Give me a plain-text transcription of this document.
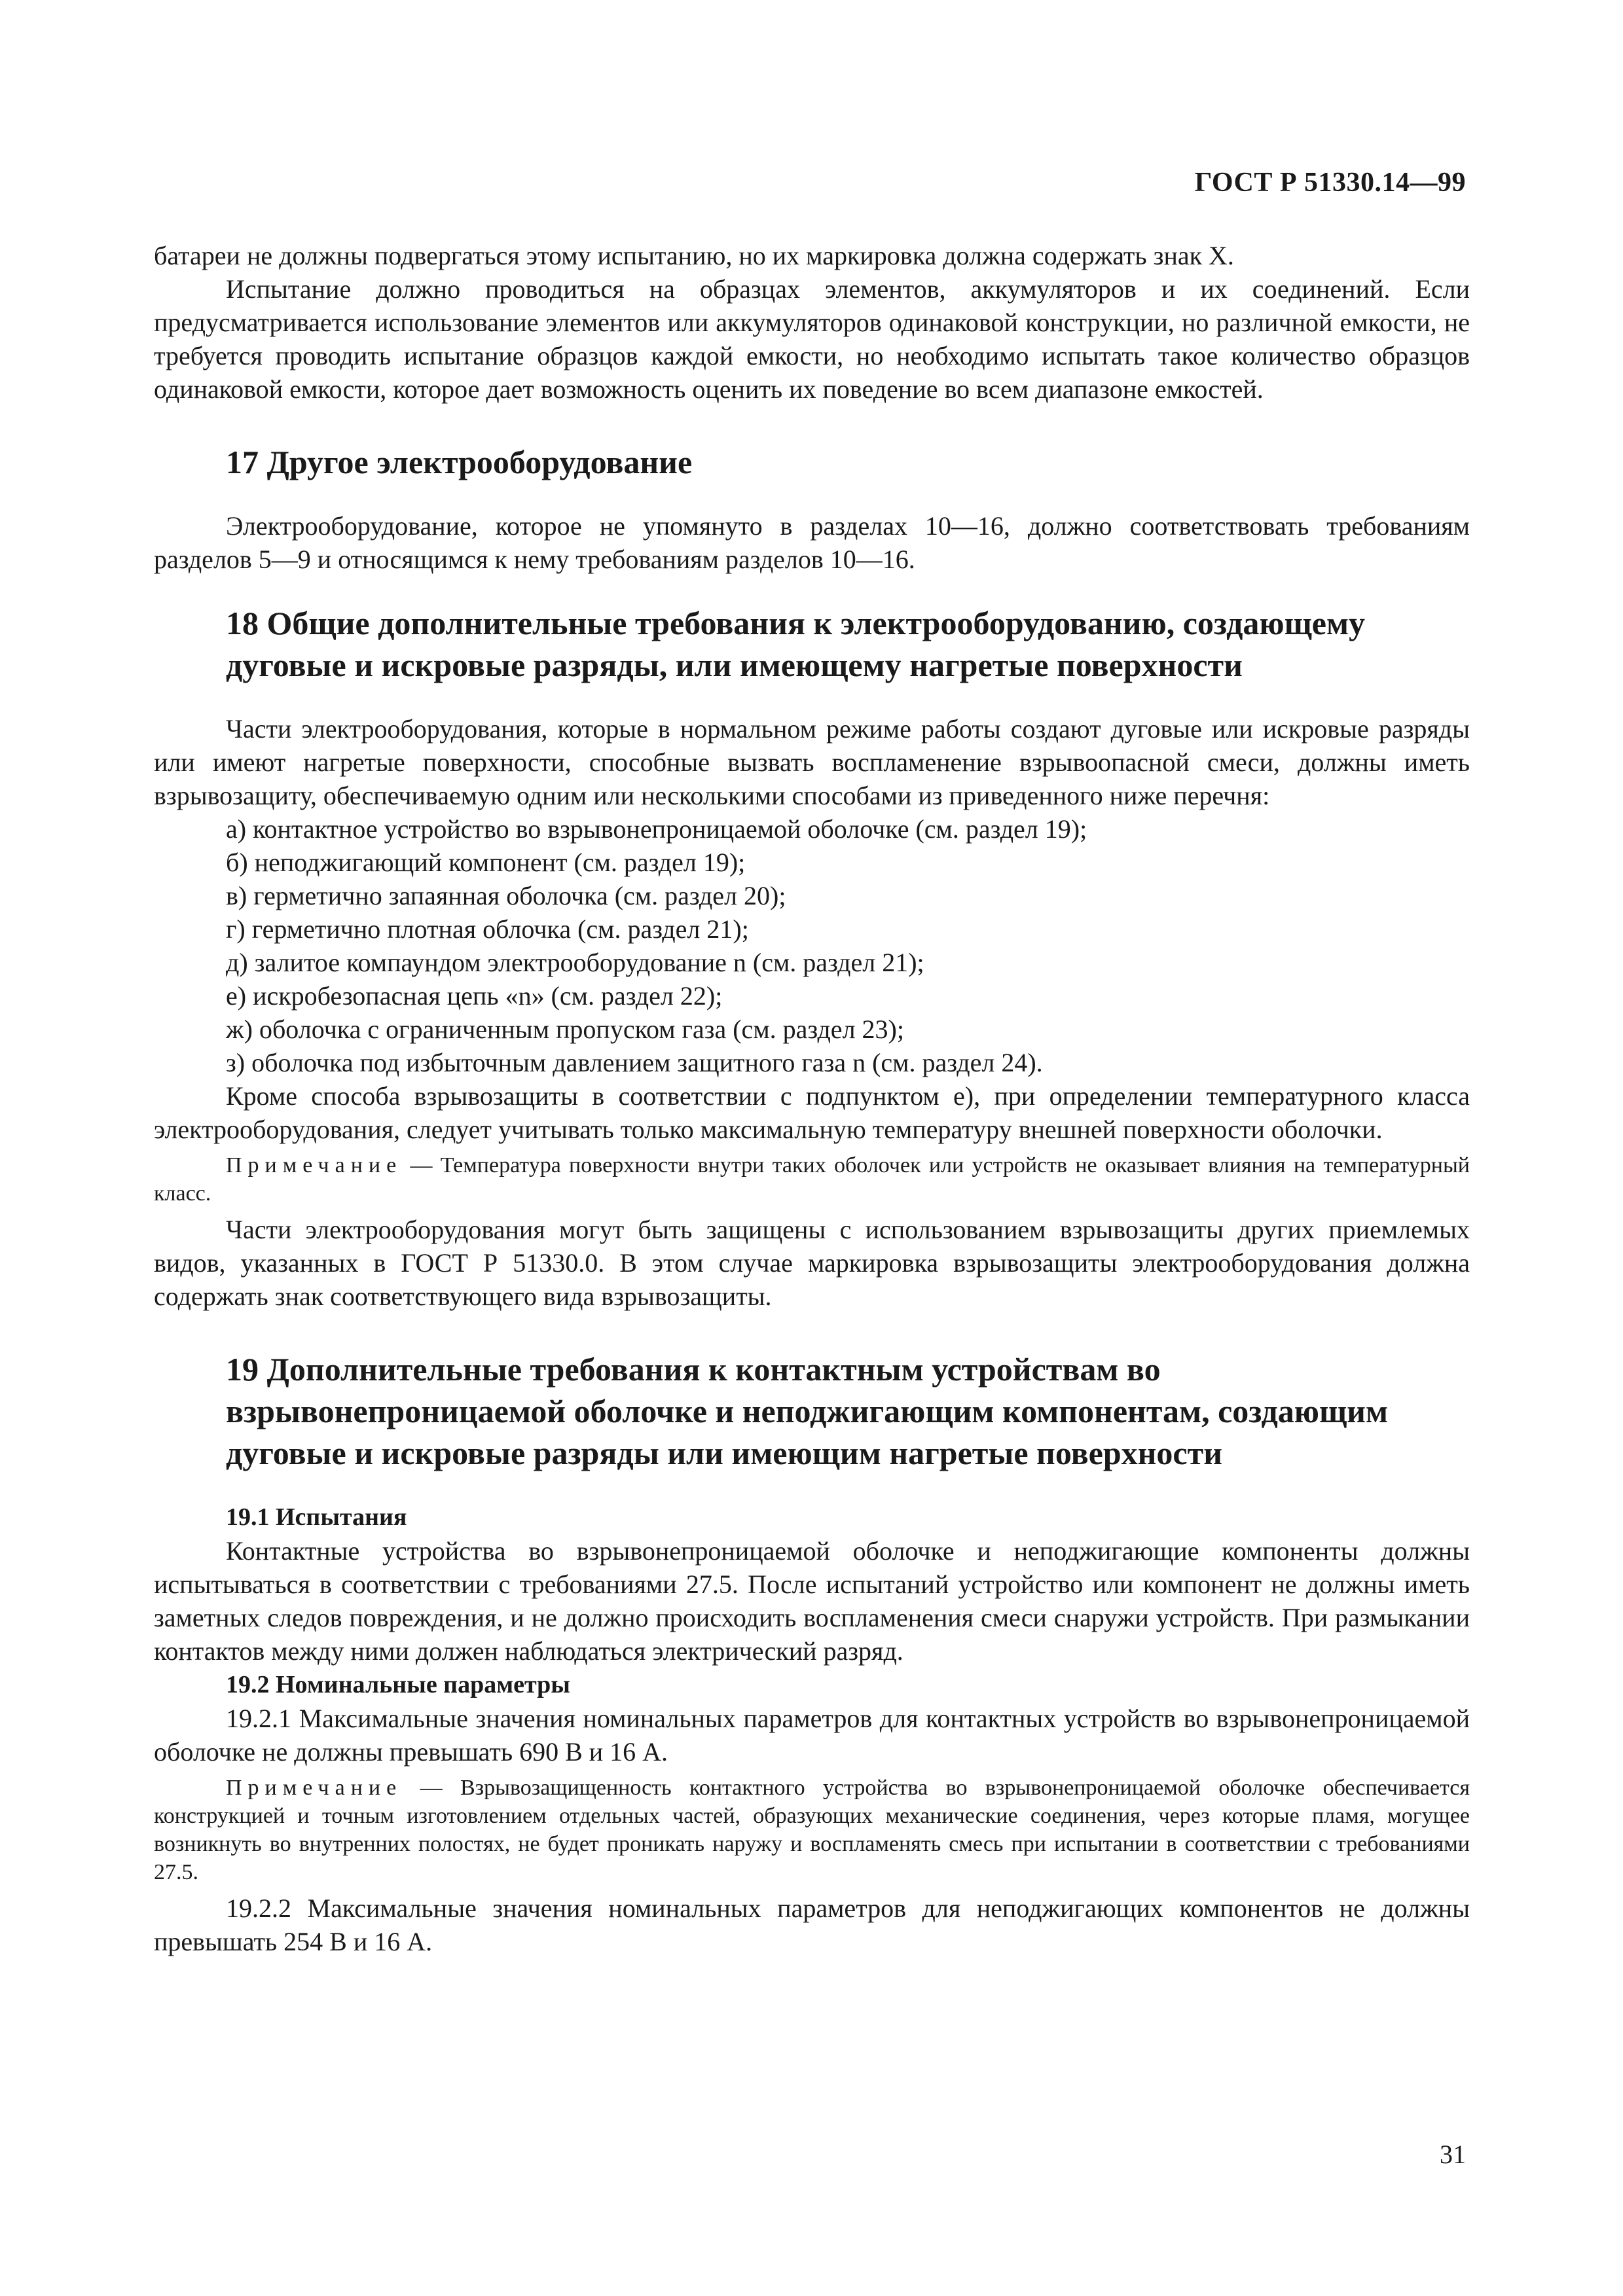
ГОСТ Р 51330.14—99

батареи не должны подвергаться этому испытанию, но их маркировка должна содержать знак X.

Испытание должно проводиться на образцах элементов, аккумуляторов и их соединений. Если предусматривается использование элементов или аккумуляторов одинаковой конструкции, но различной емкости, не требуется проводить испытание образцов каждой емкости, но необходимо испытать такое количество образцов одинаковой емкости, которое дает возможность оценить их поведение во всем диапазоне емкостей.

17 Другое электрооборудование

Электрооборудование, которое не упомянуто в разделах 10—16, должно соответствовать требованиям разделов 5—9 и относящимся к нему требованиям разделов 10—16.

18 Общие дополнительные требования к электрооборудованию, создающему дуговые и искровые разряды, или имеющему нагретые поверхности

Части электрооборудования, которые в нормальном режиме работы создают дуговые или искровые разряды или имеют нагретые поверхности, способные вызвать воспламенение взрывоопасной смеси, должны иметь взрывозащиту, обеспечиваемую одним или несколькими способами из приведенного ниже перечня:

а) контактное устройство во взрывонепроницаемой оболочке (см. раздел 19);

б) неподжигающий компонент (см. раздел 19);

в) герметично запаянная оболочка (см. раздел 20);

г) герметично плотная облочка (см. раздел 21);

д) залитое компаундом электрооборудование n (см. раздел 21);

е) искробезопасная цепь «n» (см. раздел 22);

ж) оболочка с ограниченным пропуском газа (см. раздел 23);

з) оболочка под избыточным давлением защитного газа n (см. раздел 24).

Кроме способа взрывозащиты в соответствии с подпунктом е), при определении температурного класса электрооборудования, следует учитывать только максимальную температуру внешней поверхности оболочки.

Примечание — Температура поверхности внутри таких оболочек или устройств не оказывает влияния на температурный класс.

Части электрооборудования могут быть защищены с использованием взрывозащиты других приемлемых видов, указанных в ГОСТ Р 51330.0. В этом случае маркировка взрывозащиты электрооборудования должна содержать знак соответствующего вида взрывозащиты.

19 Дополнительные требования к контактным устройствам во взрывонепроницаемой оболочке и неподжигающим компонентам, создающим дуговые и искровые разряды или имеющим нагретые поверхности
19.1 Испытания

Контактные устройства во взрывонепроницаемой оболочке и неподжигающие компоненты должны испытываться в соответствии с требованиями 27.5. После испытаний устройство или компонент не должны иметь заметных следов повреждения, и не должно происходить воспламенения смеси снаружи устройств. При размыкании контактов между ними должен наблюдаться электрический разряд.

19.2 Номинальные параметры

19.2.1 Максимальные значения номинальных параметров для контактных устройств во взрывонепроницаемой оболочке не должны превышать 690 В и 16 А.

Примечание — Взрывозащищенность контактного устройства во взрывонепроницаемой оболочке обеспечивается конструкцией и точным изготовлением отдельных частей, образующих механические соединения, через которые пламя, могущее возникнуть во внутренних полостях, не будет проникать наружу и воспламенять смесь при испытании в соответствии с требованиями 27.5.

19.2.2 Максимальные значения номинальных параметров для неподжигающих компонентов не должны превышать 254 В и 16 А.

31
